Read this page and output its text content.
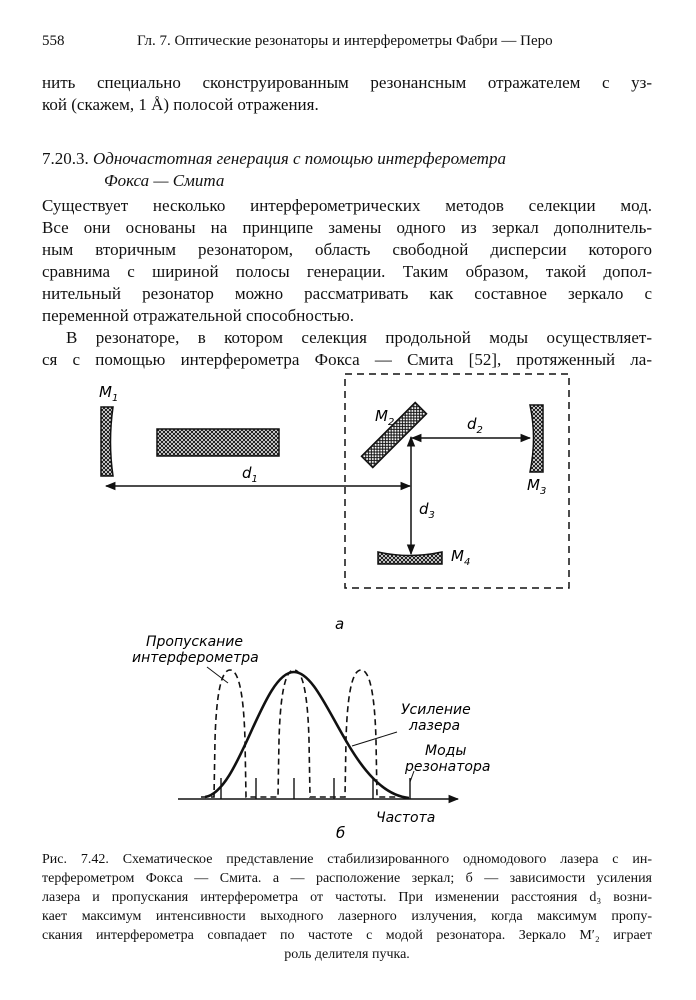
558	Гл. 7. Оптические резонаторы и интерферометры Фабри — Перо
нить специально сконструированным резонансным отражателем с уз-
кой (скажем, 1 Å) полосой отражения.
7.20.3. Одночастотная генерация с помощью интерферометра
Фокса — Смита
Существует несколько интерферометрических методов селекции мод.
Все они основаны на принципе замены одного из зеркал дополнитель-
ным вторичным резонатором, область свободной дисперсии которого
сравнима с шириной полосы генерации. Таким образом, такой допол-
нительный резонатор можно рассматривать как составное зеркало с
переменной отражательной способностью.
В резонаторе, в котором селекция продольной моды осуществляет-
ся с помощью интерферометра Фокса — Смита [52], протяженный ла-
$M_1$
$M_2$
$M_3$
$M_4$
$d_1$
$d_2$
$d_3$
а
Пропускание
интерферометра
Усиление
лазера
Моды
резонатора
Частота
б
Рис. 7.42. Схематическое представление стабилизированного одномодового лазера с ин-
терферометром Фокса — Смита. а — расположение зеркал; б — зависимости усиления
лазера и пропускания интерферометра от частоты. При изменении расстояния d₃ возни-
кает максимум интенсивности выходного лазерного излучения, когда максимум пропу-
скания интерферометра совпадает по частоте с модой резонатора. Зеркало M′₂ играет
роль делителя пучка.
